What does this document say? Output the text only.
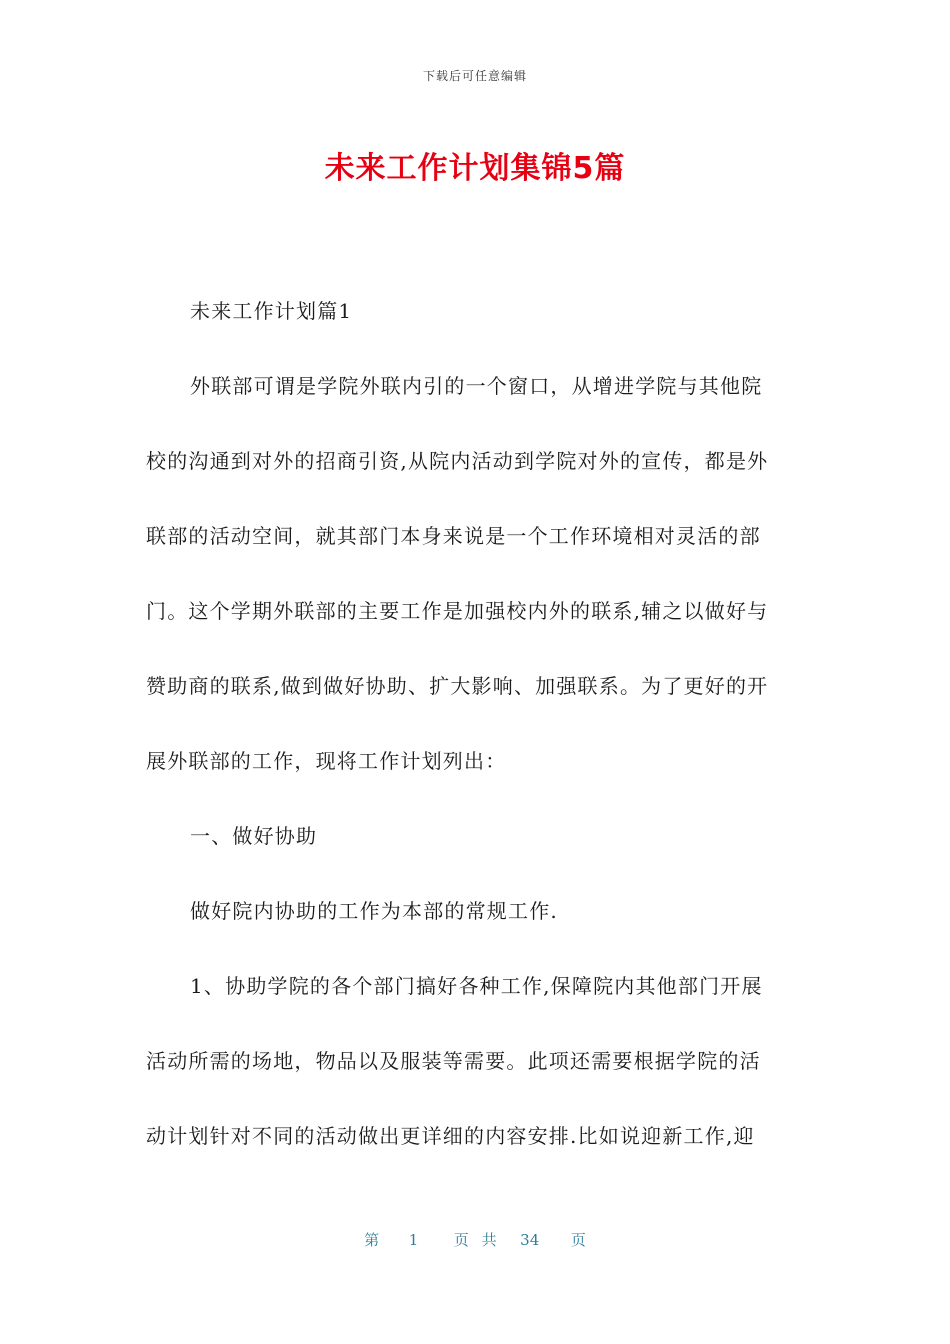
下载后可任意编辑
未来工作计划集锦5篇

未来工作计划篇1

外联部可谓是学院外联内引的一个窗口，从增进学院与其他院
校的沟通到对外的招商引资,从院内活动到学院对外的宣传，都是外
联部的活动空间，就其部门本身来说是一个工作环境相对灵活的部
门。这个学期外联部的主要工作是加强校内外的联系,辅之以做好与
赞助商的联系,做到做好协助、扩大影响、加强联系。为了更好的开
展外联部的工作，现将工作计划列出：

一、做好协助

做好院内协助的工作为本部的常规工作.

1、协助学院的各个部门搞好各种工作,保障院内其他部门开展
活动所需的场地，物品以及服装等需要。此项还需要根据学院的活
动计划针对不同的活动做出更详细的内容安排.比如说迎新工作,迎

第 1 页 共 34 页
